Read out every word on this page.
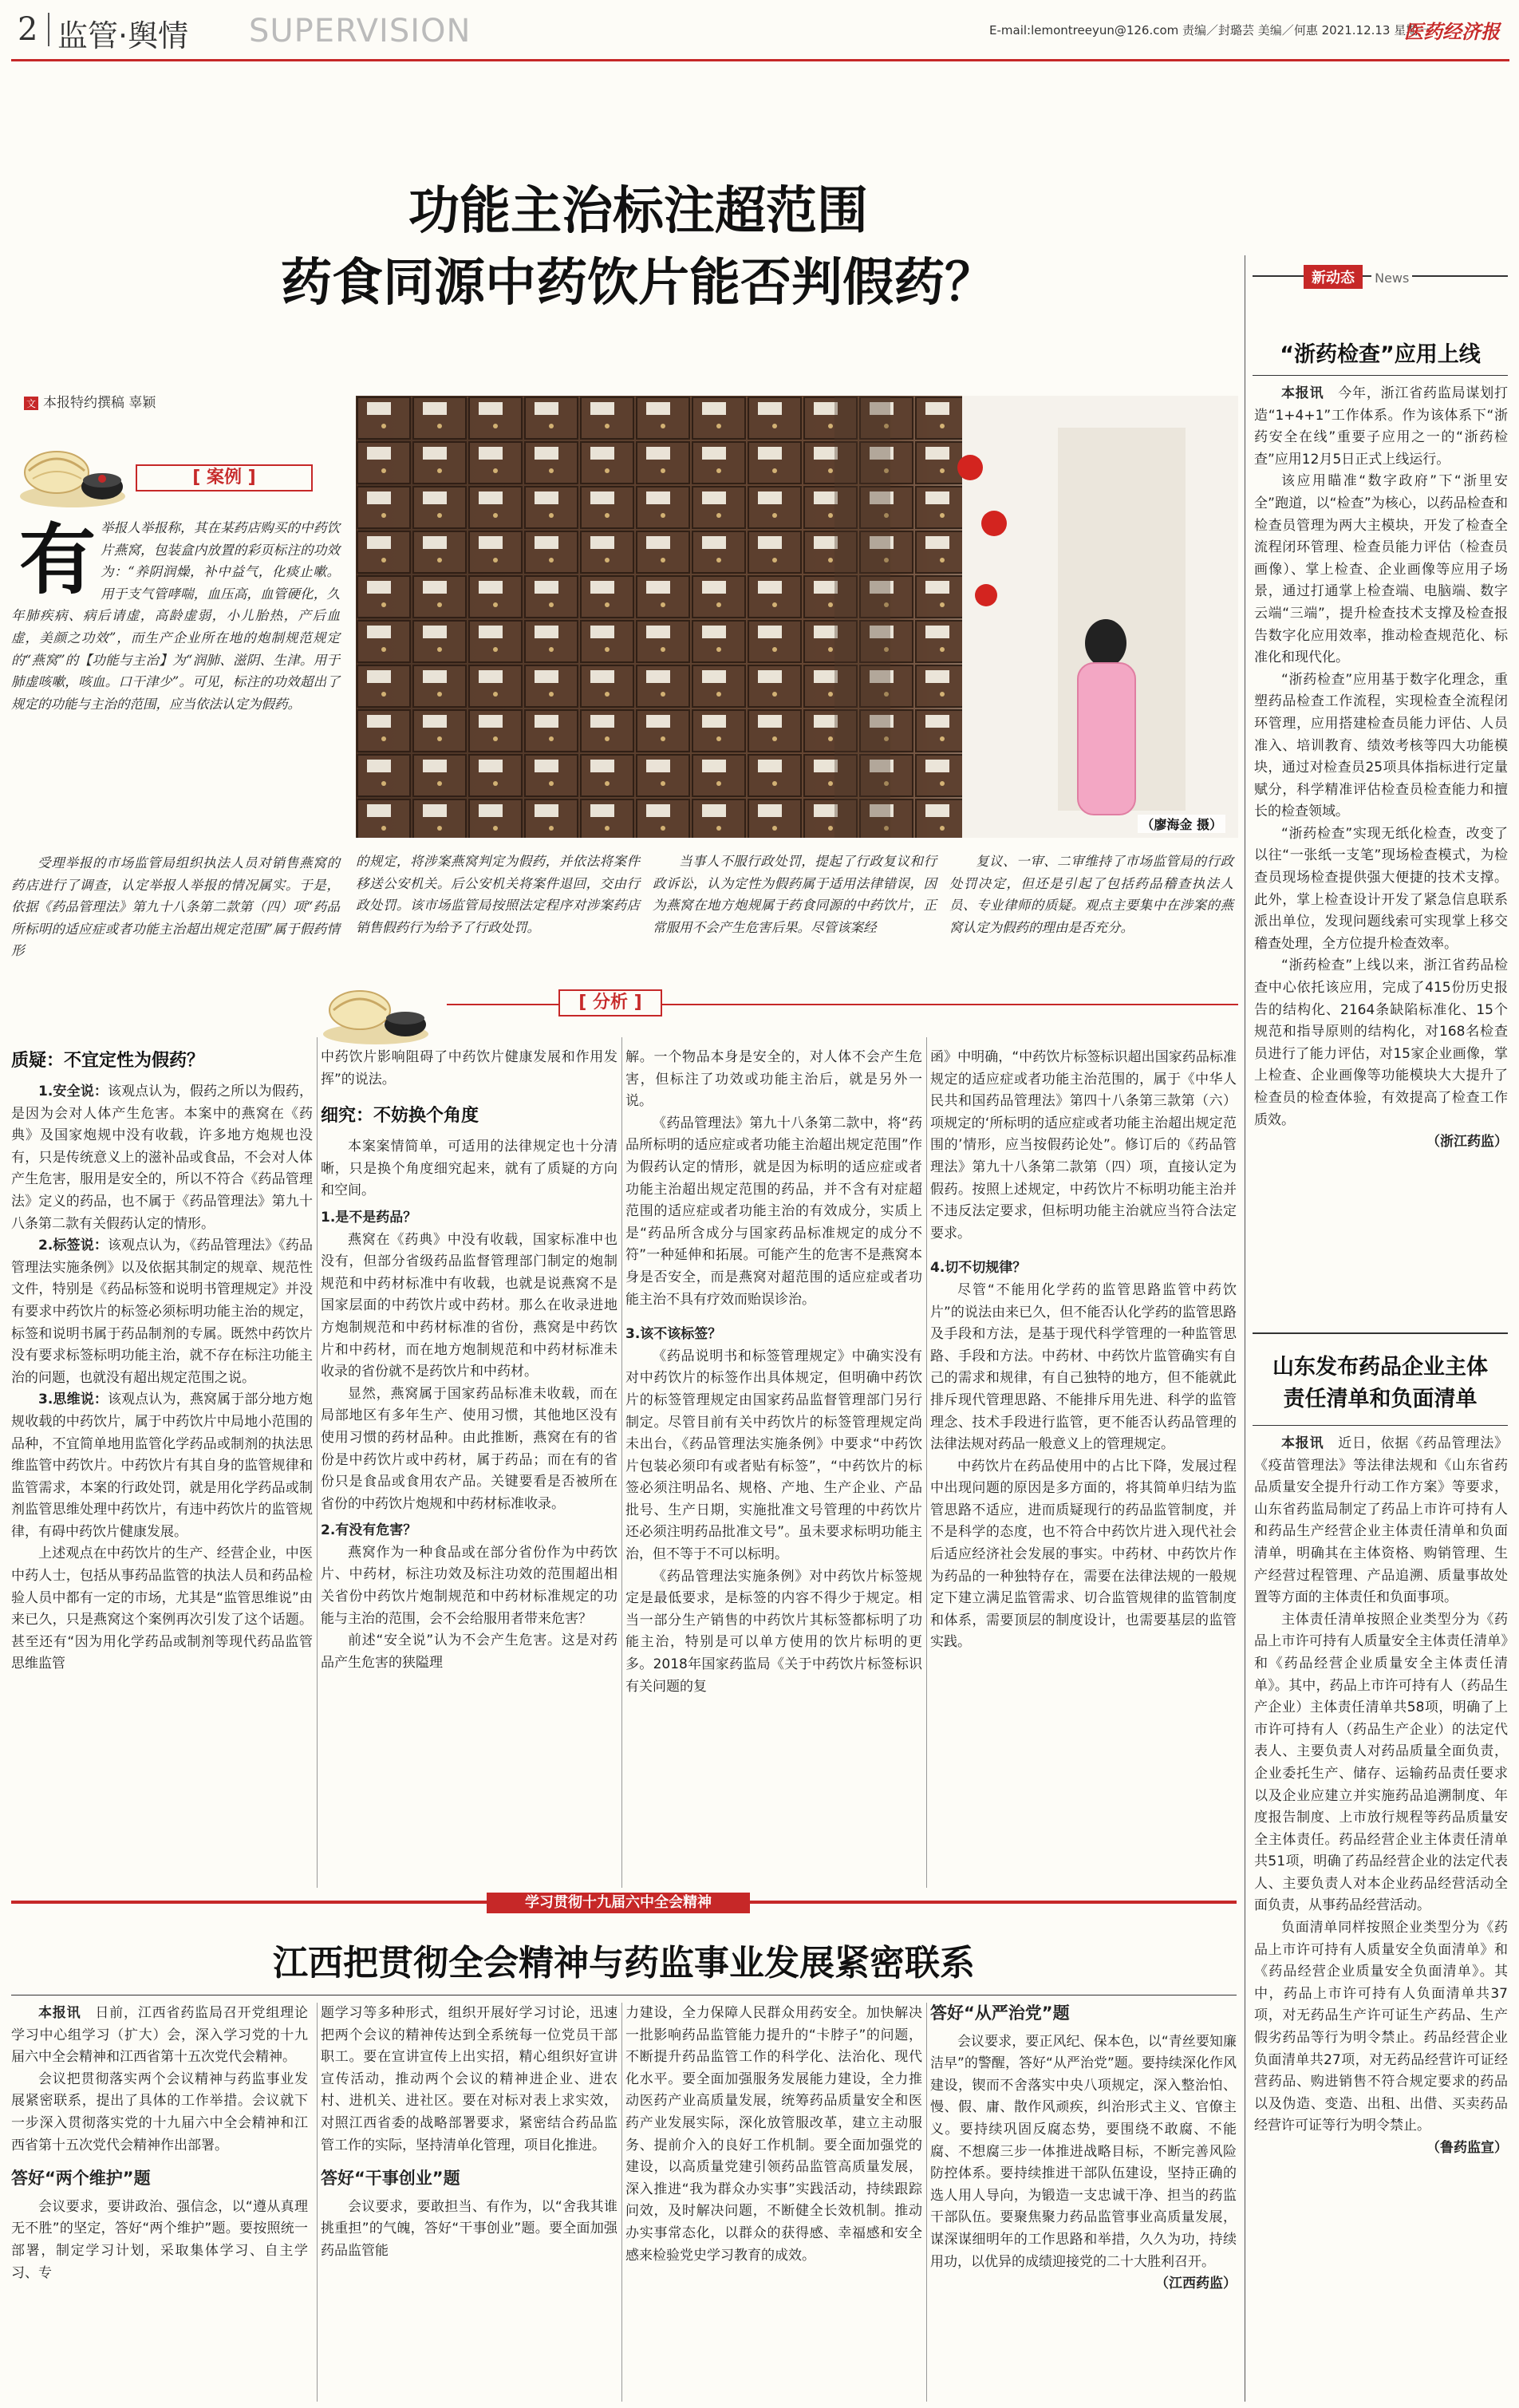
2 监管·舆情 SUPERVISION	E-mail:lemontreeyun@126.com 责编／封璐芸 美编／何惠 2021.12.13 星期一
医药经济报
功能主治标注超范围
药食同源中药饮片能否判假药？
文 本报特约撰稿 辜颖
[ 案例 ]
（廖海金 摄）
有 举报人举报称，其在某药店购买的中药饮片燕窝，包装盒内放置的彩页标注的功效为：“养阴润燥，补中益气，化痰止嗽。用于支气管哮喘，血压高，血管硬化，久年肺疾病、病后请虚，高龄虚弱，小儿胎热，产后血虚，美颜之功效”，而生产企业所在地的炮制规范规定的“燕窝”的【功能与主治】为“润肺、滋阴、生津。用于肺虚咳嗽，咳血。口干津少”。可见，标注的功效超出了规定的功能与主治的范围，应当依法认定为假药。

受理举报的市场监管局组织执法人员对销售燕窝的药店进行了调查，认定举报人举报的情况属实。于是，依据《药品管理法》第九十八条第二款第（四）项“药品所标明的适应症或者功能主治超出规定范围”属于假药情形

的规定，将涉案燕窝判定为假药，并依法将案件移送公安机关。后公安机关将案件退回，交由行政处罚。该市场监管局按照法定程序对涉案药店销售假药行为给予了行政处罚。

当事人不服行政处罚，提起了行政复议和行政诉讼，认为定性为假药属于适用法律错误，因为燕窝在地方炮规属于药食同源的中药饮片，正常服用不会产生危害后果。尽管该案经

复议、一审、二审维持了市场监管局的行政处罚决定，但还是引起了包括药品稽查执法人员、专业律师的质疑。观点主要集中在涉案的燕窝认定为假药的理由是否充分。

[ 分析 ]
质疑：不宜定性为假药？

1.安全说：该观点认为，假药之所以为假药，是因为会对人体产生危害。本案中的燕窝在《药典》及国家炮规中没有收载，许多地方炮规也没有，只是传统意义上的滋补品或食品，不会对人体产生危害，服用是安全的，所以不符合《药品管理法》定义的药品，也不属于《药品管理法》第九十八条第二款有关假药认定的情形。

2.标签说：该观点认为，《药品管理法》《药品管理法实施条例》以及依据其制定的规章、规范性文件，特别是《药品标签和说明书管理规定》并没有要求中药饮片的标签必须标明功能主治的规定，标签和说明书属于药品制剂的专属。既然中药饮片没有要求标签标明功能主治，就不存在标注功能主治的问题，也就没有超出规定范围之说。

3.思维说：该观点认为，燕窝属于部分地方炮规收载的中药饮片，属于中药饮片中局地小范围的品种，不宜简单地用监管化学药品或制剂的执法思维监管中药饮片。中药饮片有其自身的监管规律和监管需求，本案的行政处罚，就是用化学药品或制剂监管思维处理中药饮片，有违中药饮片的监管规律，有碍中药饮片健康发展。

上述观点在中药饮片的生产、经营企业，中医中药人士，包括从事药品监管的执法人员和药品检验人员中都有一定的市场，尤其是“监管思维说”由来已久，只是燕窝这个案例再次引发了这个话题。甚至还有“因为用化学药品或制剂等现代药品监管思维监管

中药饮片影响阻碍了中药饮片健康发展和作用发挥”的说法。
细究：不妨换个角度

本案案情简单，可适用的法律规定也十分清晰，只是换个角度细究起来，就有了质疑的方向和空间。

1.是不是药品？

燕窝在《药典》中没有收载，国家标准中也没有，但部分省级药品监督管理部门制定的炮制规范和中药材标准中有收载，也就是说燕窝不是国家层面的中药饮片或中药材。那么在收录进地方炮制规范和中药材标准的省份，燕窝是中药饮片和中药材，而在地方炮制规范和中药材标准未收录的省份就不是药饮片和中药材。

显然，燕窝属于国家药品标准未收载，而在局部地区有多年生产、使用习惯，其他地区没有使用习惯的药材品种。由此推断，燕窝在有的省份是中药饮片或中药材，属于药品；而在有的省份只是食品或食用农产品。关键要看是否被所在省份的中药饮片炮规和中药材标准收录。

2.有没有危害？

燕窝作为一种食品或在部分省份作为中药饮片、中药材，标注功效及标注功效的范围超出相关省份中药饮片炮制规范和中药材标准规定的功能与主治的范围，会不会给服用者带来危害？

前述“安全说”认为不会产生危害。这是对药品产生危害的狭隘理

解。一个物品本身是安全的，对人体不会产生危害，但标注了功效或功能主治后，就是另外一说。

《药品管理法》第九十八条第二款中，将“药品所标明的适应症或者功能主治超出规定范围”作为假药认定的情形，就是因为标明的适应症或者功能主治超出规定范围的药品，并不含有对症超范围的适应症或者功能主治的有效成分，实质上是“药品所含成分与国家药品标准规定的成分不符”一种延伸和拓展。可能产生的危害不是燕窝本身是否安全，而是燕窝对超范围的适应症或者功能主治不具有疗效而贻误诊治。

3.该不该标签？

《药品说明书和标签管理规定》中确实没有对中药饮片的标签作出具体规定，但明确中药饮片的标签管理规定由国家药品监督管理部门另行制定。尽管目前有关中药饮片的标签管理规定尚未出台，《药品管理法实施条例》中要求“中药饮片包装必须印有或者贴有标签”，“中药饮片的标签必须注明品名、规格、产地、生产企业、产品批号、生产日期，实施批准文号管理的中药饮片还必须注明药品批准文号”。虽未要求标明功能主治，但不等于不可以标明。

《药品管理法实施条例》对中药饮片标签规定是最低要求，是标签的内容不得少于规定。相当一部分生产销售的中药饮片其标签都标明了功能主治，特别是可以单方使用的饮片标明的更多。2018年国家药监局《关于中药饮片标签标识有关问题的复

函》中明确，“中药饮片标签标识超出国家药品标准规定的适应症或者功能主治范围的，属于《中华人民共和国药品管理法》第四十八条第三款第（六）项规定的‘所标明的适应症或者功能主治超出规定范围的’情形，应当按假药论处”。修订后的《药品管理法》第九十八条第二款第（四）项，直接认定为假药。按照上述规定，中药饮片不标明功能主治并不违反法定要求，但标明功能主治就应当符合法定要求。

4.切不切规律？

尽管“不能用化学药的监管思路监管中药饮片”的说法由来已久，但不能否认化学药的监管思路及手段和方法，是基于现代科学管理的一种监管思路、手段和方法。中药材、中药饮片监管确实有自己的需求和规律，有自己独特的地方，但不能就此排斥现代管理思路、不能排斥用先进、科学的监管理念、技术手段进行监管，更不能否认药品管理的法律法规对药品一般意义上的管理规定。

中药饮片在药品使用中的占比下降，发展过程中出现问题的原因是多方面的，将其简单归结为监管思路不适应，进而质疑现行的药品监管制度，并不是科学的态度，也不符合中药饮片进入现代社会后适应经济社会发展的事实。中药材、中药饮片作为药品的一种独特存在，需要在法律法规的一般规定下建立满足监管需求、切合监管规律的监管制度和体系，需要顶层的制度设计，也需要基层的监管实践。

学习贯彻十九届六中全会精神
江西把贯彻全会精神与药监事业发展紧密联系

本报讯　 日前，江西省药监局召开党组理论学习中心组学习（扩大）会，深入学习党的十九届六中全会精神和江西省第十五次党代会精神。

会议把贯彻落实两个会议精神与药监事业发展紧密联系，提出了具体的工作举措。会议就下一步深入贯彻落实党的十九届六中全会精神和江西省第十五次党代会精神作出部署。

答好“两个维护”题

会议要求，要讲政治、强信念，以“遵从真理无不胜”的坚定，答好“两个维护”题。要按照统一部署，制定学习计划，采取集体学习、自主学习、专

题学习等多种形式，组织开展好学习讨论，迅速把两个会议的精神传达到全系统每一位党员干部职工。要在宣讲宣传上出实招，精心组织好宣讲宣传活动，推动两个会议的精神进企业、进农村、进机关、进社区。要在对标对表上求实效，对照江西省委的战略部署要求，紧密结合药品监管工作的实际，坚持清单化管理，项目化推进。

答好“干事创业”题

会议要求，要敢担当、有作为，以“舍我其谁挑重担”的气魄，答好“干事创业”题。要全面加强药品监管能

力建设，全力保障人民群众用药安全。加快解决一批影响药品监管能力提升的“卡脖子”的问题，不断提升药品监管工作的科学化、法治化、现代化水平。要全面加强服务发展能力建设，全力推动医药产业高质量发展，统筹药品质量安全和医药产业发展实际，深化放管服改革，建立主动服务、提前介入的良好工作机制。要全面加强党的建设，以高质量党建引领药品监管高质量发展，深入推进“我为群众办实事”实践活动，持续跟踪问效，及时解决问题，不断健全长效机制。推动办实事常态化，以群众的获得感、幸福感和安全感来检验党史学习教育的成效。

答好“从严治党”题

会议要求，要正风纪、保本色，以“青丝要知廉洁早”的警醒，答好“从严治党”题。要持续深化作风建设，锲而不舍落实中央八项规定，深入整治怕、慢、假、庸、散作风顽疾，纠治形式主义、官僚主义。要持续巩固反腐态势，要围绕不敢腐、不能腐、不想腐三步一体推进战略目标，不断完善风险防控体系。要持续推进干部队伍建设，坚持正确的选人用人导向，为锻造一支忠诚干净、担当的药监干部队伍。要聚焦聚力药品监管事业高质量发展，谋深谋细明年的工作思路和举措，久久为功，持续用功，以优异的成绩迎接党的二十大胜利召开。

（江西药监）
新动态 News
“浙药检查”应用上线

本报讯　 今年，浙江省药监局谋划打造“1+4+1”工作体系。作为该体系下“浙药安全在线”重要子应用之一的“浙药检查”应用12月5日正式上线运行。

该应用瞄准“数字政府”下“浙里安全”跑道，以“检查”为核心，以药品检查和检查员管理为两大主模块，开发了检查全流程闭环管理、检查员能力评估（检查员画像）、掌上检查、企业画像等应用子场景，通过打通掌上检查端、电脑端、数字云端“三端”，提升检查技术支撑及检查报告数字化应用效率，推动检查规范化、标准化和现代化。

“浙药检查”应用基于数字化理念，重塑药品检查工作流程，实现检查全流程闭环管理，应用搭建检查员能力评估、人员准入、培训教育、绩效考核等四大功能模块，通过对检查员25项具体指标进行定量赋分，科学精准评估检查员检查能力和擅长的检查领域。

“浙药检查”实现无纸化检查，改变了以往“一张纸一支笔”现场检查模式，为检查员现场检查提供强大便捷的技术支撑。此外，掌上检查设计开发了紧急信息联系派出单位，发现问题线索可实现掌上移交稽查处理，全方位提升检查效率。

“浙药检查”上线以来，浙江省药品检查中心依托该应用，完成了415份历史报告的结构化、2164条缺陷标准化、15个规范和指导原则的结构化，对168名检查员进行了能力评估，对15家企业画像，掌上检查、企业画像等功能模块大大提升了检查员的检查体验，有效提高了检查工作质效。

（浙江药监）
山东发布药品企业主体
责任清单和负面清单

本报讯　 近日，依据《药品管理法》《疫苗管理法》等法律法规和《山东省药品质量安全提升行动工作方案》等要求，山东省药监局制定了药品上市许可持有人和药品生产经营企业主体责任清单和负面清单，明确其在主体资格、购销管理、生产经营过程管理、产品追溯、质量事故处置等方面的主体责任和负面事项。

主体责任清单按照企业类型分为《药品上市许可持有人质量安全主体责任清单》和《药品经营企业质量安全主体责任清单》。其中，药品上市许可持有人（药品生产企业）主体责任清单共58项，明确了上市许可持有人（药品生产企业）的法定代表人、主要负责人对药品质量全面负责，企业委托生产、储存、运输药品责任要求以及企业应建立并实施药品追溯制度、年度报告制度、上市放行规程等药品质量安全主体责任。药品经营企业主体责任清单共51项，明确了药品经营企业的法定代表人、主要负责人对本企业药品经营活动全面负责，从事药品经营活动。

负面清单同样按照企业类型分为《药品上市许可持有人质量安全负面清单》和《药品经营企业质量安全负面清单》。其中，药品上市许可持有人负面清单共37项，对无药品生产许可证生产药品、生产假劣药品等行为明令禁止。药品经营企业负面清单共27项，对无药品经营许可证经营药品、购进销售不符合规定要求的药品以及伪造、变造、出租、出借、买卖药品经营许可证等行为明令禁止。

（鲁药监宣）
